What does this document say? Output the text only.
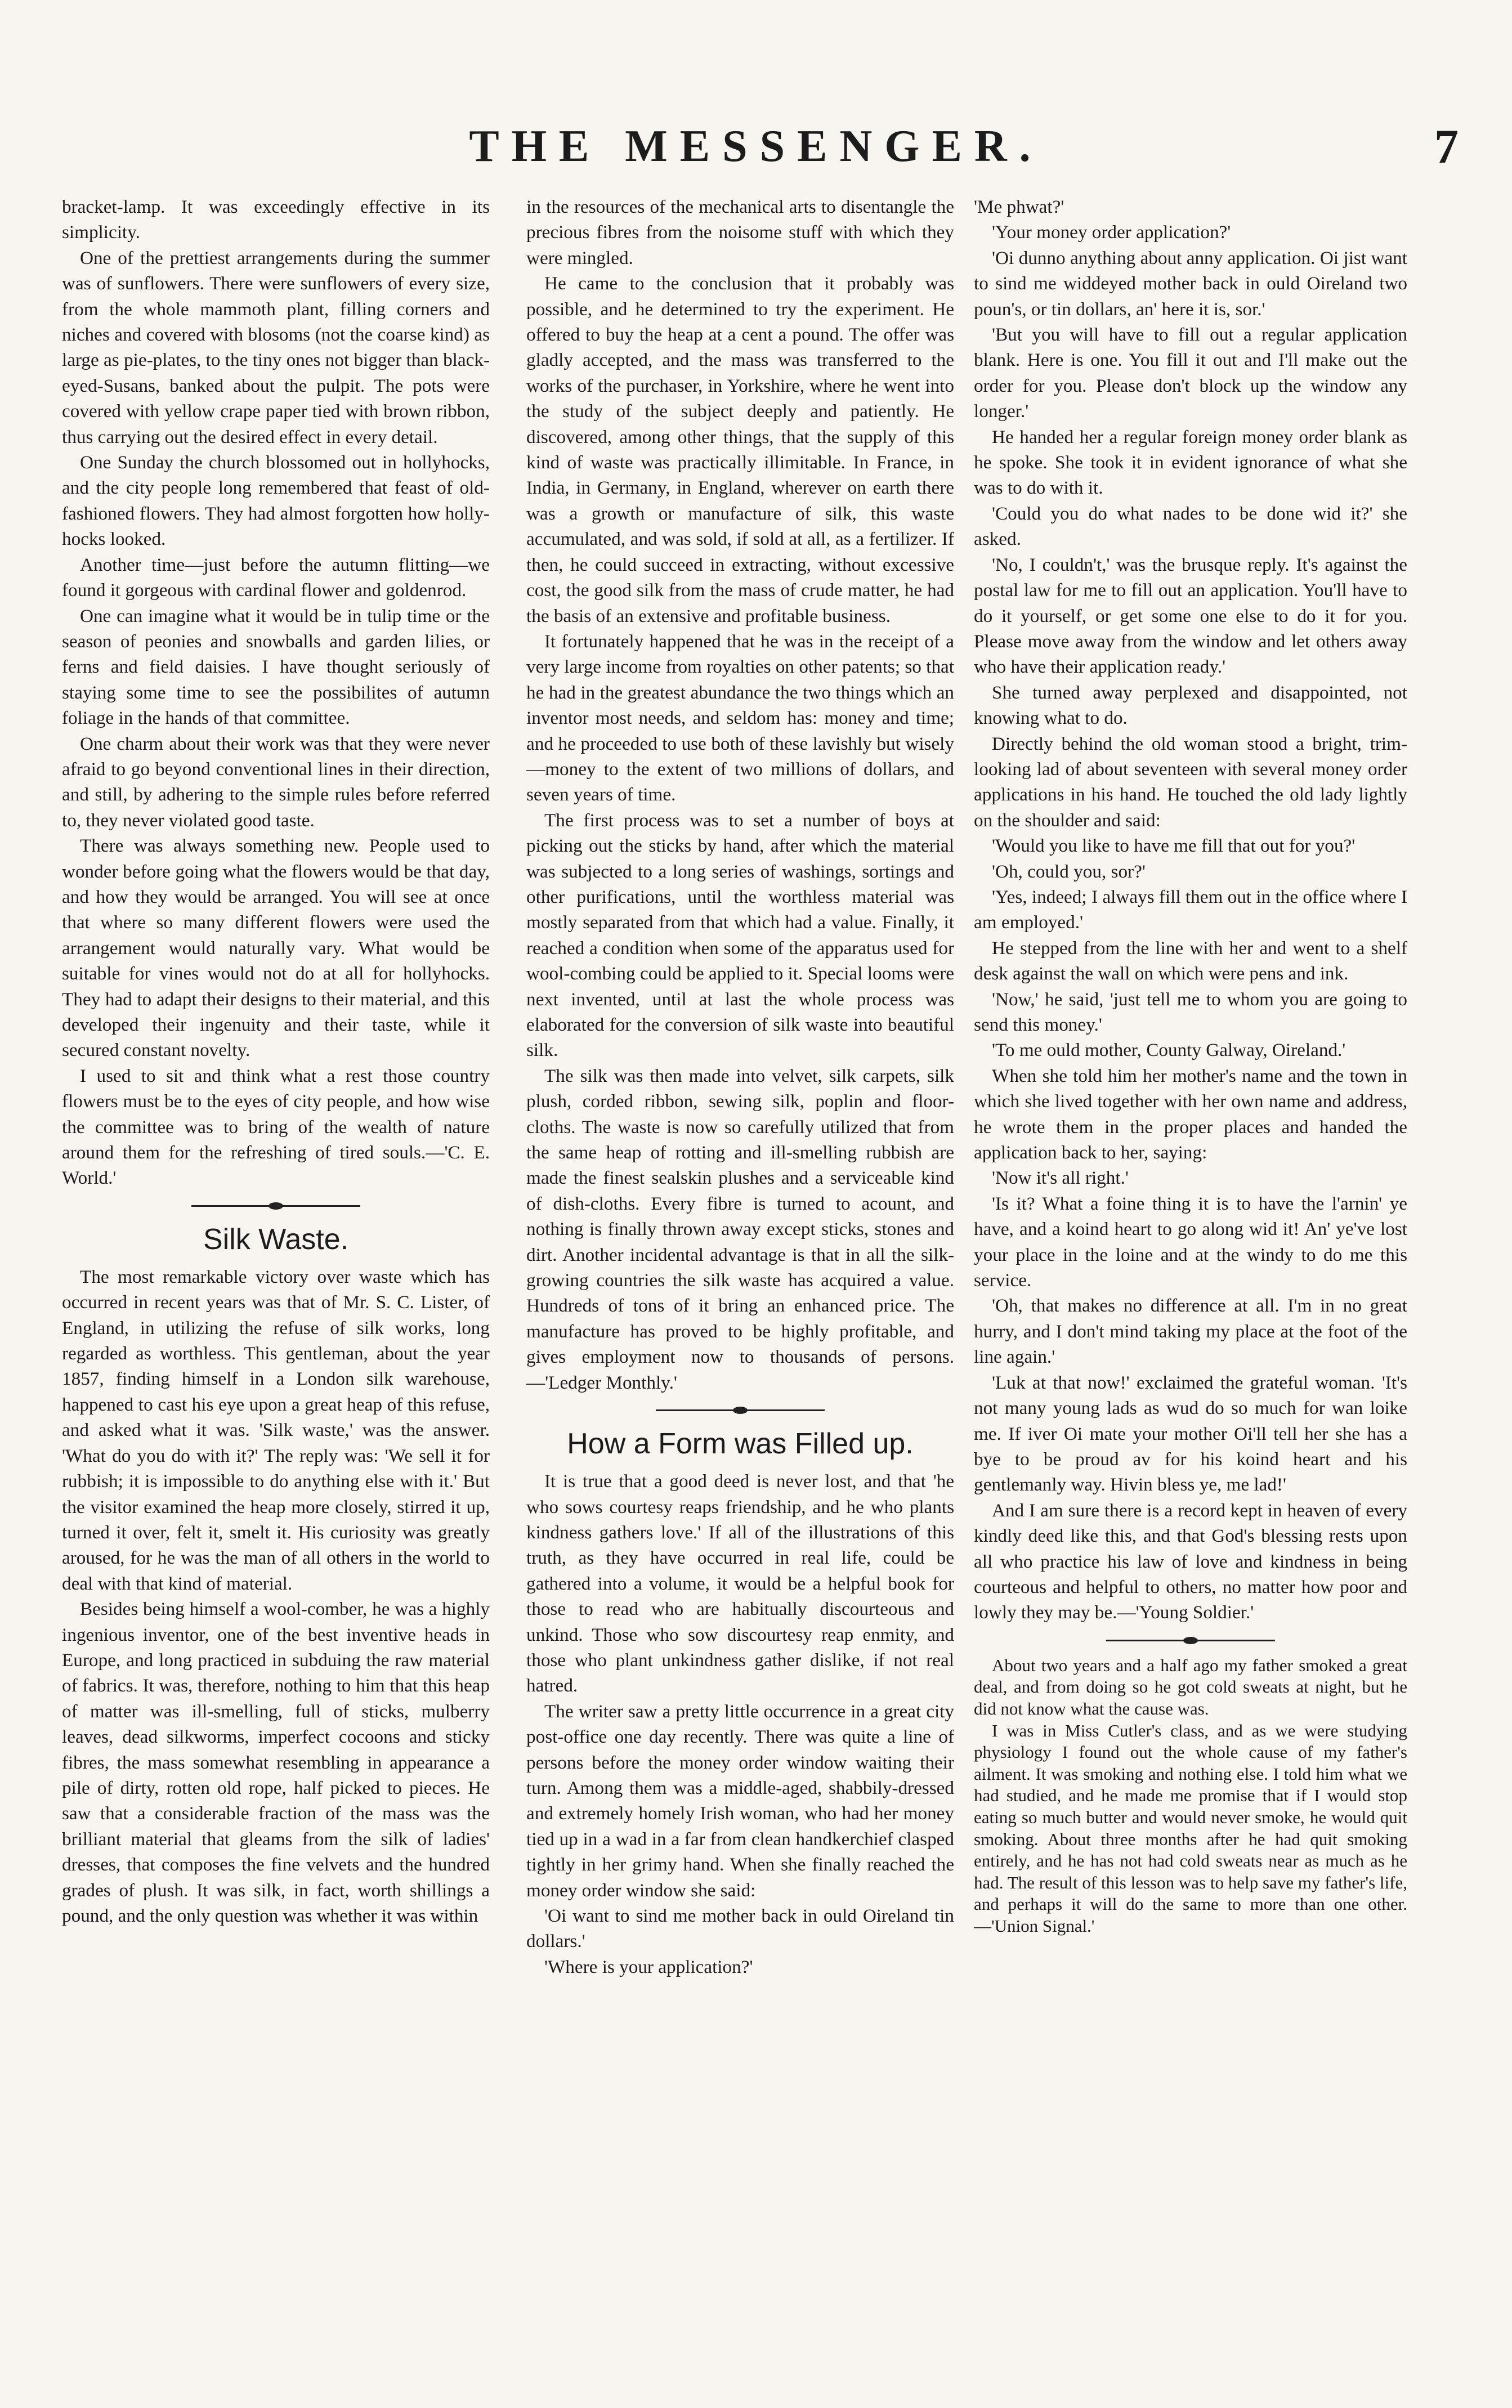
THE MESSENGER.	7

bracket-lamp. It was exceedingly effective in its simplicity.

One of the prettiest arrangements during the summer was of sunflowers. There were sunflowers of every size, from the whole mammoth plant, filling corners and niches and covered with blosoms (not the coarse kind) as large as pie-plates, to the tiny ones not bigger than black-eyed-Susans, banked about the pulpit. The pots were covered with yellow crape paper tied with brown ribbon, thus carrying out the desired effect in every detail.

One Sunday the church blossomed out in hollyhocks, and the city people long remembered that feast of old-fashioned flowers. They had almost forgotten how holly-hocks looked.

Another time—just before the autumn flitting—we found it gorgeous with cardinal flower and goldenrod.

One can imagine what it would be in tulip time or the season of peonies and snowballs and garden lilies, or ferns and field daisies. I have thought seriously of staying some time to see the possibilites of autumn foliage in the hands of that committee.

One charm about their work was that they were never afraid to go beyond conventional lines in their direction, and still, by adhering to the simple rules before referred to, they never violated good taste.

There was always something new. People used to wonder before going what the flowers would be that day, and how they would be arranged. You will see at once that where so many different flowers were used the arrangement would naturally vary. What would be suitable for vines would not do at all for hollyhocks. They had to adapt their designs to their material, and this developed their ingenuity and their taste, while it secured constant novelty.

I used to sit and think what a rest those country flowers must be to the eyes of city people, and how wise the committee was to bring of the wealth of nature around them for the refreshing of tired souls.—'C. E. World.'

Silk Waste.

The most remarkable victory over waste which has occurred in recent years was that of Mr. S. C. Lister, of England, in utilizing the refuse of silk works, long regarded as worthless. This gentleman, about the year 1857, finding himself in a London silk warehouse, happened to cast his eye upon a great heap of this refuse, and asked what it was. 'Silk waste,' was the answer. 'What do you do with it?' The reply was: 'We sell it for rubbish; it is impossible to do anything else with it.' But the visitor examined the heap more closely, stirred it up, turned it over, felt it, smelt it. His curiosity was greatly aroused, for he was the man of all others in the world to deal with that kind of material.

Besides being himself a wool-comber, he was a highly ingenious inventor, one of the best inventive heads in Europe, and long practiced in subduing the raw material of fabrics. It was, therefore, nothing to him that this heap of matter was ill-smelling, full of sticks, mulberry leaves, dead silkworms, imperfect cocoons and sticky fibres, the mass somewhat resembling in appearance a pile of dirty, rotten old rope, half picked to pieces. He saw that a considerable fraction of the mass was the brilliant material that gleams from the silk of ladies' dresses, that composes the fine velvets and the hundred grades of plush. It was silk, in fact, worth shillings a pound, and the only question was whether it was within

in the resources of the mechanical arts to disentangle the precious fibres from the noisome stuff with which they were mingled.

He came to the conclusion that it probably was possible, and he determined to try the experiment. He offered to buy the heap at a cent a pound. The offer was gladly accepted, and the mass was transferred to the works of the purchaser, in Yorkshire, where he went into the study of the subject deeply and patiently. He discovered, among other things, that the supply of this kind of waste was practically illimitable. In France, in India, in Germany, in England, wherever on earth there was a growth or manufacture of silk, this waste accumulated, and was sold, if sold at all, as a fertilizer. If then, he could succeed in extracting, without excessive cost, the good silk from the mass of crude matter, he had the basis of an extensive and profitable business.

It fortunately happened that he was in the receipt of a very large income from royalties on other patents; so that he had in the greatest abundance the two things which an inventor most needs, and seldom has: money and time; and he proceeded to use both of these lavishly but wisely—money to the extent of two millions of dollars, and seven years of time.

The first process was to set a number of boys at picking out the sticks by hand, after which the material was subjected to a long series of washings, sortings and other purifications, until the worthless material was mostly separated from that which had a value. Finally, it reached a condition when some of the apparatus used for wool-combing could be applied to it. Special looms were next invented, until at last the whole process was elaborated for the conversion of silk waste into beautiful silk.

The silk was then made into velvet, silk carpets, silk plush, corded ribbon, sewing silk, poplin and floor-cloths. The waste is now so carefully utilized that from the same heap of rotting and ill-smelling rubbish are made the finest sealskin plushes and a serviceable kind of dish-cloths. Every fibre is turned to acount, and nothing is finally thrown away except sticks, stones and dirt. Another incidental advantage is that in all the silk-growing countries the silk waste has acquired a value. Hundreds of tons of it bring an enhanced price. The manufacture has proved to be highly profitable, and gives employment now to thousands of persons.—'Ledger Monthly.'

How a Form was Filled up.

It is true that a good deed is never lost, and that 'he who sows courtesy reaps friendship, and he who plants kindness gathers love.' If all of the illustrations of this truth, as they have occurred in real life, could be gathered into a volume, it would be a helpful book for those to read who are habitually discourteous and unkind. Those who sow discourtesy reap enmity, and those who plant unkindness gather dislike, if not real hatred.

The writer saw a pretty little occurrence in a great city post-office one day recently. There was quite a line of persons before the money order window waiting their turn. Among them was a middle-aged, shabbily-dressed and extremely homely Irish woman, who had her money tied up in a wad in a far from clean handkerchief clasped tightly in her grimy hand. When she finally reached the money order window she said:

'Oi want to sind me mother back in ould Oireland tin dollars.'

'Where is your application?'

'Me phwat?'

'Your money order application?'

'Oi dunno anything about anny application. Oi jist want to sind me widdeyed mother back in ould Oireland two poun's, or tin dollars, an' here it is, sor.'

'But you will have to fill out a regular application blank. Here is one. You fill it out and I'll make out the order for you. Please don't block up the window any longer.'

He handed her a regular foreign money order blank as he spoke. She took it in evident ignorance of what she was to do with it.

'Could you do what nades to be done wid it?' she asked.

'No, I couldn't,' was the brusque reply. It's against the postal law for me to fill out an application. You'll have to do it yourself, or get some one else to do it for you. Please move away from the window and let others away who have their application ready.'

She turned away perplexed and disappointed, not knowing what to do.

Directly behind the old woman stood a bright, trim-looking lad of about seventeen with several money order applications in his hand. He touched the old lady lightly on the shoulder and said:

'Would you like to have me fill that out for you?'

'Oh, could you, sor?'

'Yes, indeed; I always fill them out in the office where I am employed.'

He stepped from the line with her and went to a shelf desk against the wall on which were pens and ink.

'Now,' he said, 'just tell me to whom you are going to send this money.'

'To me ould mother, County Galway, Oireland.'

When she told him her mother's name and the town in which she lived together with her own name and address, he wrote them in the proper places and handed the application back to her, saying:

'Now it's all right.'

'Is it? What a foine thing it is to have the l'arnin' ye have, and a koind heart to go along wid it! An' ye've lost your place in the loine and at the windy to do me this service.

'Oh, that makes no difference at all. I'm in no great hurry, and I don't mind taking my place at the foot of the line again.'

'Luk at that now!' exclaimed the grateful woman. 'It's not many young lads as wud do so much for wan loike me. If iver Oi mate your mother Oi'll tell her she has a bye to be proud av for his koind heart and his gentlemanly way. Hivin bless ye, me lad!'

And I am sure there is a record kept in heaven of every kindly deed like this, and that God's blessing rests upon all who practice his law of love and kindness in being courteous and helpful to others, no matter how poor and lowly they may be.—'Young Soldier.'

About two years and a half ago my father smoked a great deal, and from doing so he got cold sweats at night, but he did not know what the cause was.

I was in Miss Cutler's class, and as we were studying physiology I found out the whole cause of my father's ailment. It was smoking and nothing else. I told him what we had studied, and he made me promise that if I would stop eating so much butter and would never smoke, he would quit smoking. About three months after he had quit smoking entirely, and he has not had cold sweats near as much as he had. The result of this lesson was to help save my father's life, and perhaps it will do the same to more than one other.—'Union Signal.'
